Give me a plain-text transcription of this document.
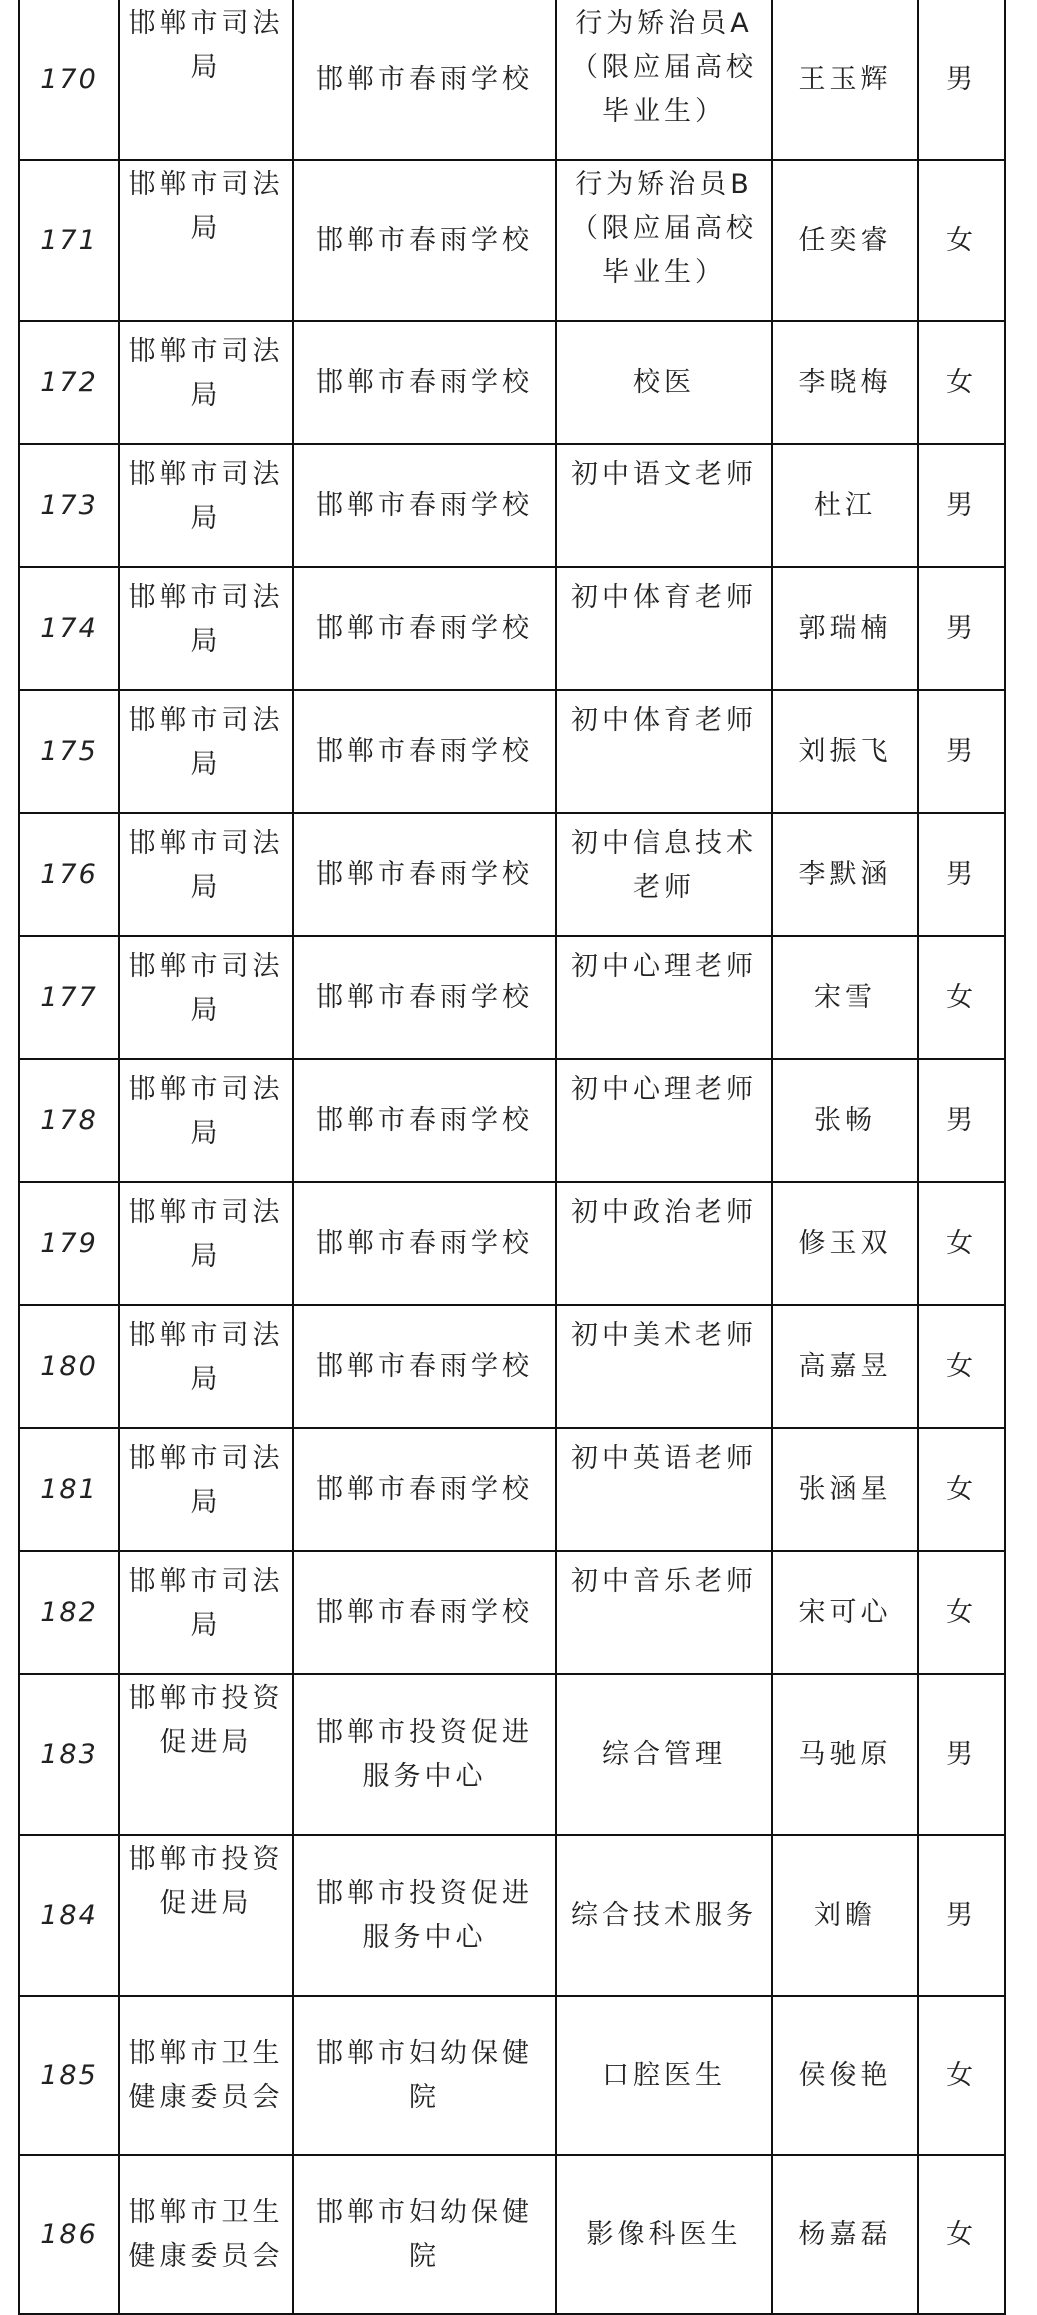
170	邯郸市司法局	邯郸市春雨学校	行为矫治员A（限应届高校毕业生）	王玉辉	男
171	邯郸市司法局	邯郸市春雨学校	行为矫治员B（限应届高校毕业生）	任奕睿	女
172	邯郸市司法局	邯郸市春雨学校	校医	李晓梅	女
173	邯郸市司法局	邯郸市春雨学校	初中语文老师	杜江	男
174	邯郸市司法局	邯郸市春雨学校	初中体育老师	郭瑞楠	男
175	邯郸市司法局	邯郸市春雨学校	初中体育老师	刘振飞	男
176	邯郸市司法局	邯郸市春雨学校	初中信息技术老师	李默涵	男
177	邯郸市司法局	邯郸市春雨学校	初中心理老师	宋雪	女
178	邯郸市司法局	邯郸市春雨学校	初中心理老师	张畅	男
179	邯郸市司法局	邯郸市春雨学校	初中政治老师	修玉双	女
180	邯郸市司法局	邯郸市春雨学校	初中美术老师	高嘉昱	女
181	邯郸市司法局	邯郸市春雨学校	初中英语老师	张涵星	女
182	邯郸市司法局	邯郸市春雨学校	初中音乐老师	宋可心	女
183	邯郸市投资促进局	邯郸市投资促进服务中心	综合管理	马驰原	男
184	邯郸市投资促进局	邯郸市投资促进服务中心	综合技术服务	刘瞻	男
185	邯郸市卫生健康委员会	邯郸市妇幼保健院	口腔医生	侯俊艳	女
186	邯郸市卫生健康委员会	邯郸市妇幼保健院	影像科医生	杨嘉磊	女
